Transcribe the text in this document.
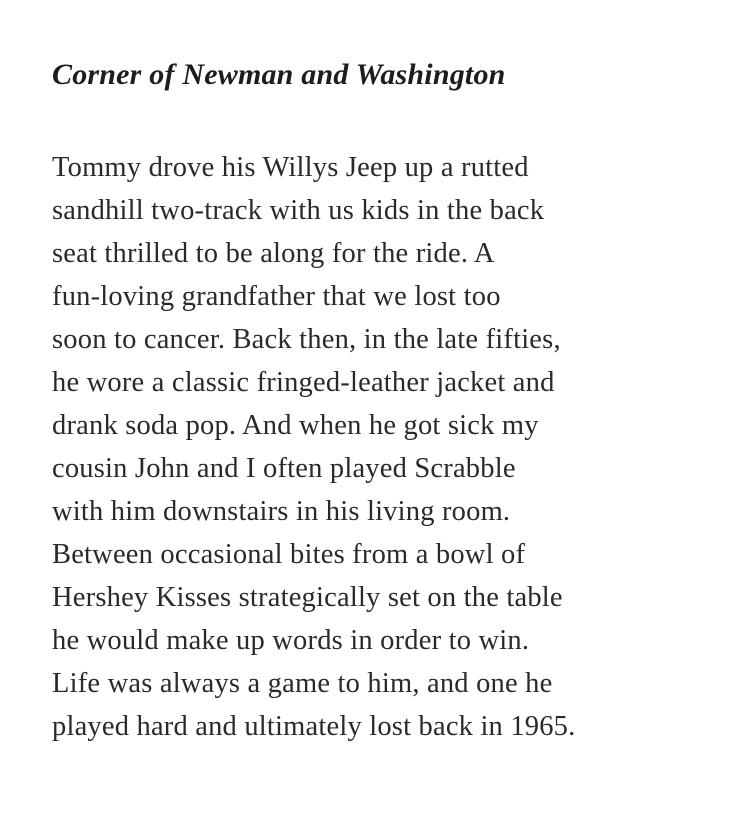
Corner of Newman and Washington
Tommy drove his Willys Jeep up a rutted
sandhill two-track with us kids in the back
seat thrilled to be along for the ride. A
fun-loving grandfather that we lost too
soon to cancer. Back then, in the late fifties,
he wore a classic fringed-leather jacket and
drank soda pop. And when he got sick my
cousin John and I often played Scrabble
with him downstairs in his living room.
Between occasional bites from a bowl of
Hershey Kisses strategically set on the table
he would make up words in order to win.
Life was always a game to him, and one he
played hard and ultimately lost back in 1965.
